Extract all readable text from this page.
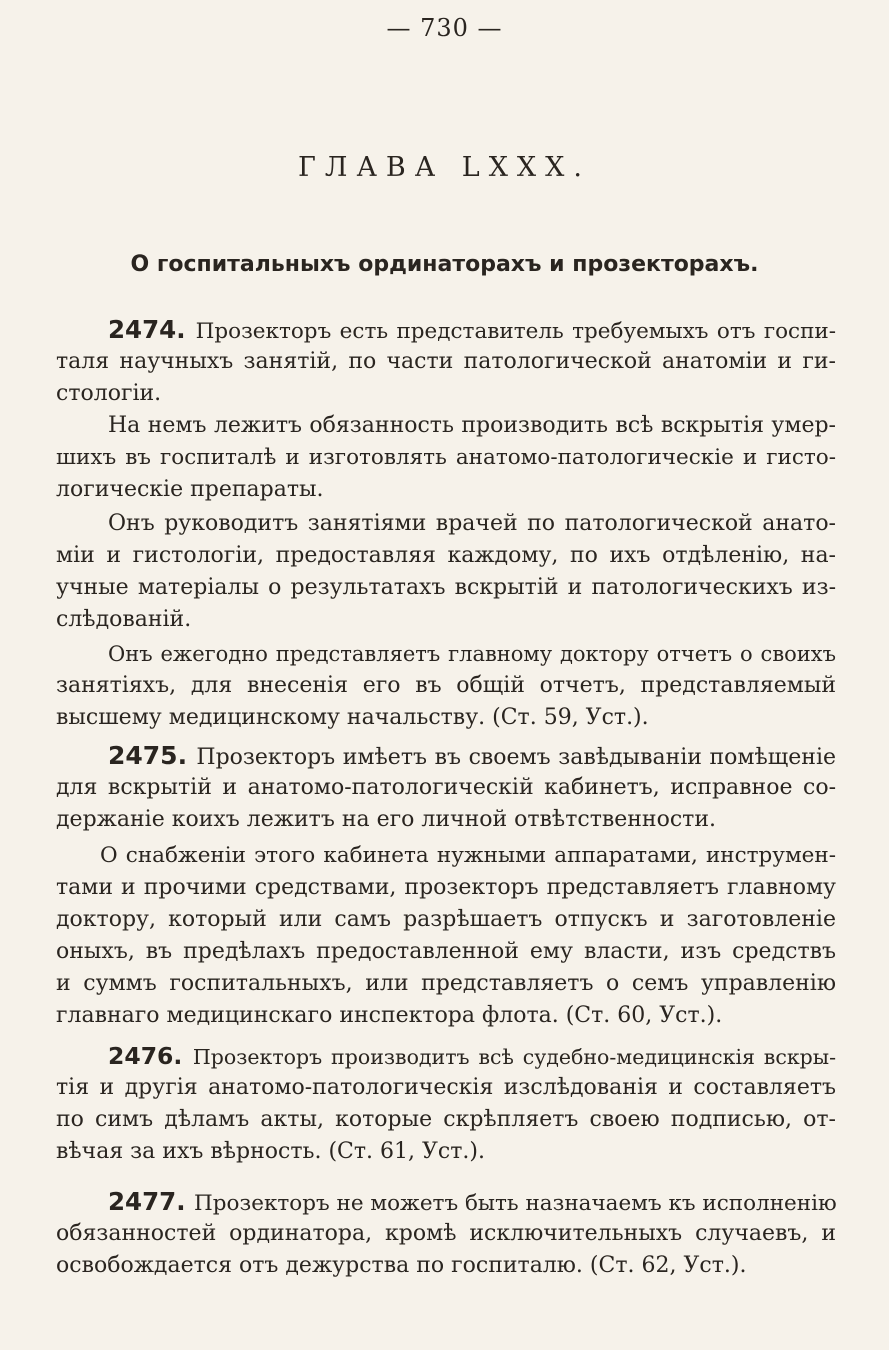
— 730 —
ГЛАВА LXXX.
О госпитальныхъ ординаторахъ и прозекторахъ.
2474. Прозекторъ есть представитель требуемыхъ отъ госпи-
таля научныхъ занятій, по части патологической анатоміи и ги-
стологіи.
На немъ лежитъ обязанность производить всѣ вскрытія умер-
шихъ въ госпиталѣ и изготовлять анатомо-патологическіе и гисто-
логическіе препараты.
Онъ руководитъ занятіями врачей по патологической анато-
міи и гистологіи, предоставляя каждому, по ихъ отдѣленію, на-
учные матеріалы о результатахъ вскрытій и патологическихъ из-
слѣдованій.
Онъ ежегодно представляетъ главному доктору отчетъ о своихъ
занятіяхъ, для внесенія его въ общій отчетъ, представляемый
высшему медицинскому начальству. (Ст. 59, Уст.).
2475. Прозекторъ имѣетъ въ своемъ завѣдываніи помѣщеніе
для вскрытій и анатомо-патологическій кабинетъ, исправное со-
держаніе коихъ лежитъ на его личной отвѣтственности.
О снабженіи этого кабинета нужными аппаратами, инструмен-
тами и прочими средствами, прозекторъ представляетъ главному
доктору, который или самъ разрѣшаетъ отпускъ и заготовленіе
оныхъ, въ предѣлахъ предоставленной ему власти, изъ средствъ
и суммъ госпитальныхъ, или представляетъ о семъ управленію
главнаго медицинскаго инспектора флота. (Ст. 60, Уст.).
2476. Прозекторъ производитъ всѣ судебно-медицинскія вскры-
тія и другія анатомо-патологическія изслѣдованія и составляетъ
по симъ дѣламъ акты, которые скрѣпляетъ своею подписью, от-
вѣчая за ихъ вѣрность. (Ст. 61, Уст.).
2477. Прозекторъ не можетъ быть назначаемъ къ исполненію
обязанностей ординатора, кромѣ исключительныхъ случаевъ, и
освобождается отъ дежурства по госпиталю. (Ст. 62, Уст.).
